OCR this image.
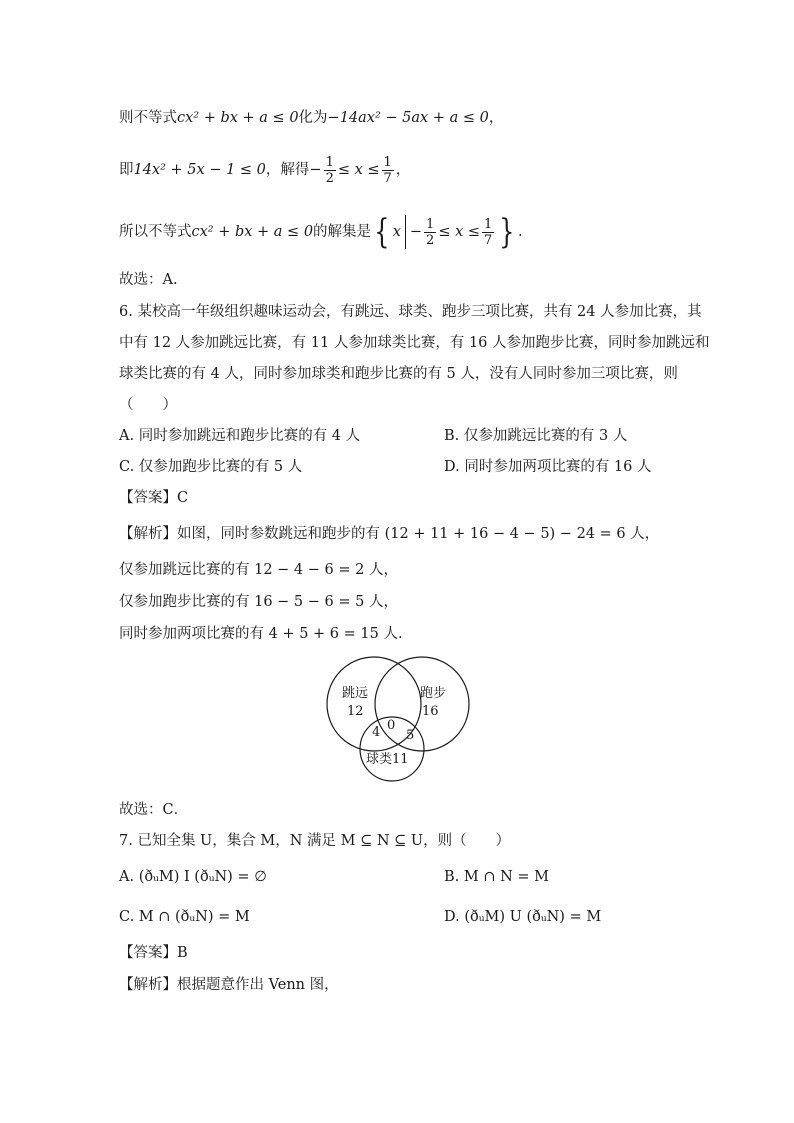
则不等式cx² + bx + a ≤ 0化为−14ax² − 5ax + a ≤ 0，
即14x² + 5x − 1 ≤ 0，解得− $\frac{1}{2} \le x \le \frac{1}{7}$ ，
所以不等式cx² + bx + a ≤ 0的解集是{ $x - \frac{1}{2} \le x \le \frac{1}{7}$ } .
故选：A.
6. 某校高一年级组织趣味运动会，有跳远、球类、跑步三项比赛，共有 24 人参加比赛，其
中有 12 人参加跳远比赛，有 11 人参加球类比赛，有 16 人参加跑步比赛，同时参加跳远和
球类比赛的有 4 人，同时参加球类和跑步比赛的有 5 人，没有人同时参加三项比赛，则
（　　）
A. 同时参加跳远和跑步比赛的有 4 人	B. 仅参加跳远比赛的有 3 人
C. 仅参加跑步比赛的有 5 人	D. 同时参加两项比赛的有 16 人
【答案】C
【解析】如图，同时参数跳远和跑步的有 (12 + 11 + 16 − 4 − 5) − 24 = 6 人，
仅参加跳远比赛的有 12 − 4 − 6 = 2 人，
仅参加跑步比赛的有 16 − 5 − 6 = 5 人，
同时参加两项比赛的有 4 + 5 + 6 = 15 人.
跳远
12
跑步
16
4 0
5
球类11
故选：C．
7. 已知全集 U，集合 M，N 满足 M ⊆ N ⊆ U，则（　　）
A. (ðᵤM) I (ðᵤN) = ∅	B. M ∩ N = M
C. M ∩ (ðᵤN) = M	D. (ðᵤM) U (ðᵤN) = M
【答案】B
【解析】根据题意作出 Venn 图，
